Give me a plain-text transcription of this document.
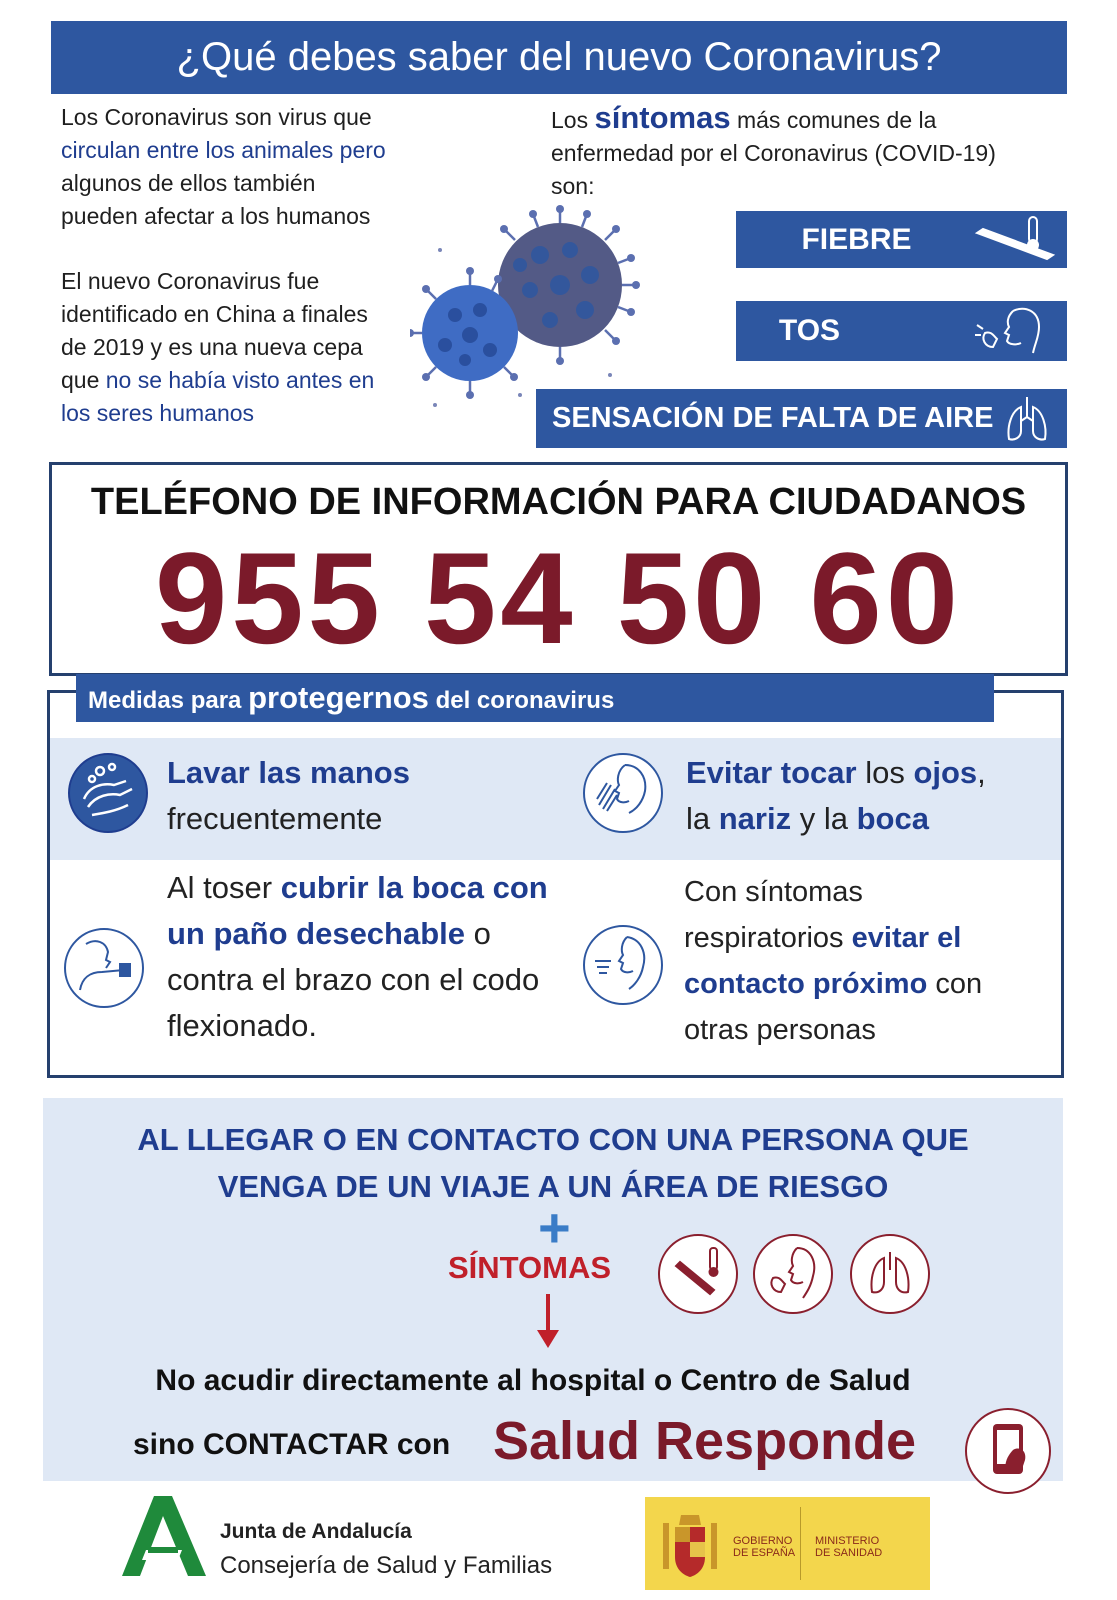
¿Qué debes saber del nuevo Coronavirus?
Los Coronavirus son virus que
circulan entre los animales pero
algunos de ellos también
pueden afectar a los humanos
El nuevo Coronavirus fue
identificado en China a finales
de 2019 y es una nueva cepa
que no se había visto antes en
los seres humanos
Los síntomas más comunes de la
enfermedad por el Coronavirus (COVID-19)
son:
FIEBRE
TOS
SENSACIÓN DE FALTA DE AIRE
TELÉFONO DE INFORMACIÓN PARA CIUDADANOS
955 54 50 60
Medidas para protegernos del coronavirus
Lavar las manos
frecuentemente
Evitar tocar los ojos,
la nariz y la boca
Al toser cubrir la boca con
un paño desechable o
contra el brazo con el codo
flexionado.
Con síntomas
respiratorios evitar el
contacto próximo con
otras personas
AL LLEGAR O EN CONTACTO CON UNA PERSONA QUE
VENGA DE UN VIAJE A UN ÁREA DE RIESGO
+
SÍNTOMAS
No acudir directamente al hospital o Centro de Salud
sino CONTACTAR con Salud Responde
Junta de Andalucía
Consejería de Salud y Familias
GOBIERNO
DE ESPAÑA
MINISTERIO
DE SANIDAD
